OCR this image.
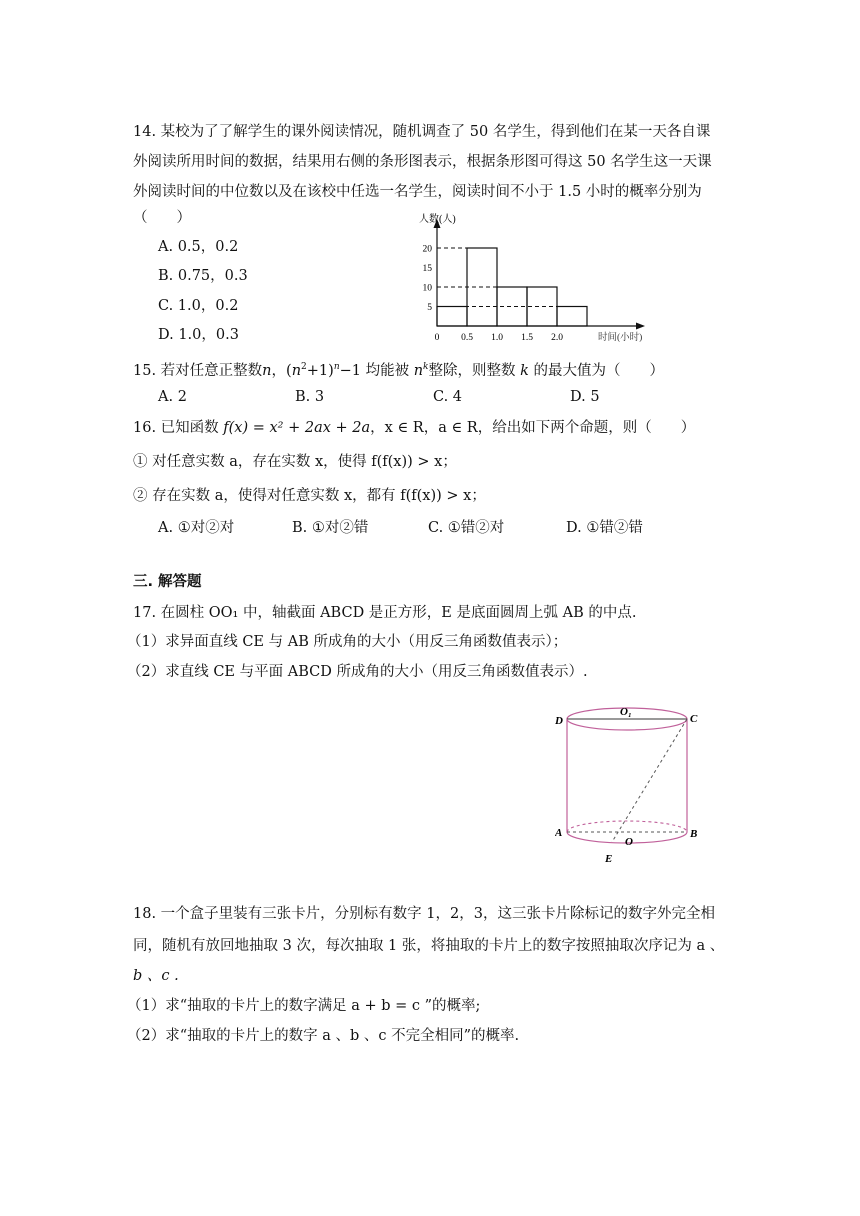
14. 某校为了了解学生的课外阅读情况，随机调查了 50 名学生，得到他们在某一天各自课
外阅读所用时间的数据，结果用右侧的条形图表示，根据条形图可得这 50 名学生这一天课
外阅读时间的中位数以及在该校中任选一名学生，阅读时间不小于 1.5 小时的概率分别为
（　　）
A. 0.5，0.2
B. 0.75，0.3
C. 1.0，0.2
D. 1.0，0.3
5
10
15
20
0 0.5 1.0 1.5 2.0
人数(人)
时间(小时)
15. 若对任意正整数n，$(n^2+1)^n-1$ 均能被 $n^k$整除，则整数 k 的最大值为（　　）
A. 2	B. 3	C. 4	D. 5
16. 已知函数 f(x) = x² + 2ax + 2a，x ∈ R，a ∈ R，给出如下两个命题，则（　　）
① 对任意实数 a，存在实数 x，使得 f(f(x)) > x；
② 存在实数 a，使得对任意实数 x，都有 f(f(x)) > x；
A. ①对②对	B. ①对②错	C. ①错②对	D. ①错②错
三. 解答题
17. 在圆柱 OO₁ 中，轴截面 ABCD 是正方形，E 是底面圆周上弧 AB 的中点.
（1）求异面直线 CE 与 AB 所成角的大小（用反三角函数值表示）；
（2）求直线 CE 与平面 ABCD 所成角的大小（用反三角函数值表示）.
D
O₁
C
A
O
B
E
18. 一个盒子里装有三张卡片，分别标有数字 1，2，3，这三张卡片除标记的数字外完全相
同，随机有放回地抽取 3 次，每次抽取 1 张，将抽取的卡片上的数字按照抽取次序记为 a 、
b 、c .
（1）求“抽取的卡片上的数字满足 a + b = c ”的概率;
（2）求“抽取的卡片上的数字 a 、b 、c 不完全相同”的概率.
